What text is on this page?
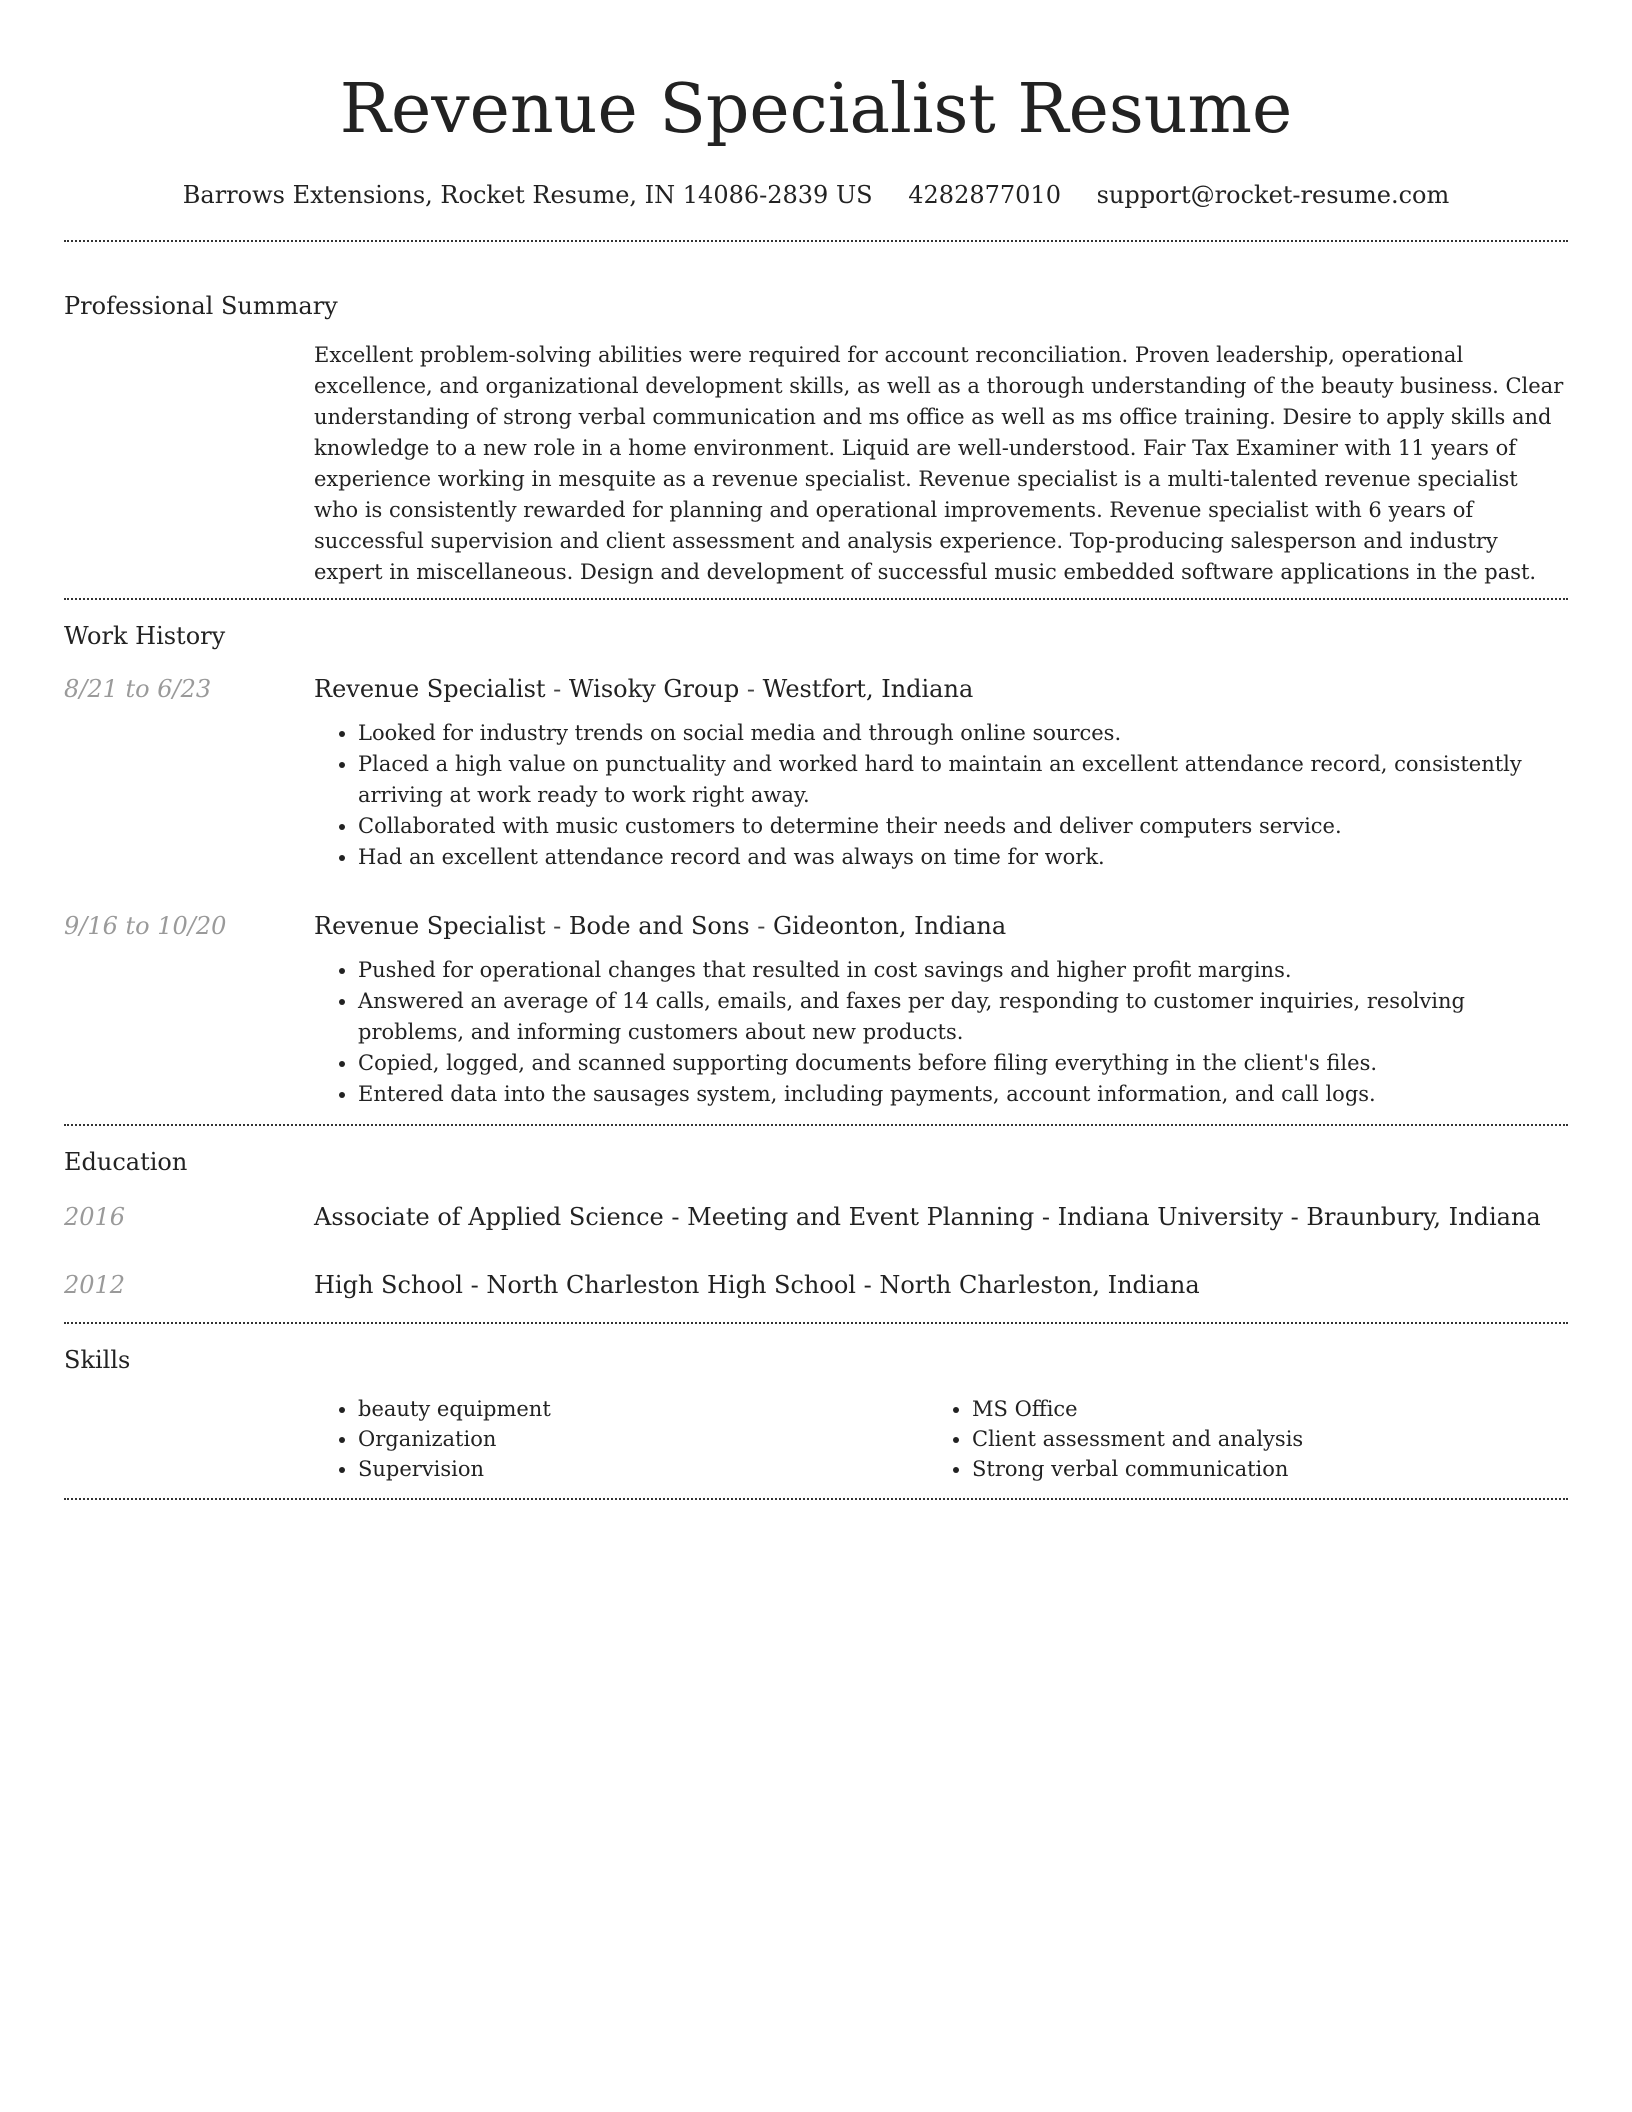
Revenue Specialist Resume
Barrows Extensions, Rocket Resume, IN 14086-2839 US 4282877010 support@rocket-resume.com
Professional Summary

Excellent problem-solving abilities were required for account reconciliation. Proven leadership, operational excellence, and organizational development skills, as well as a thorough understanding of the beauty business. Clear understanding of strong verbal communication and ms office as well as ms office training. Desire to apply skills and knowledge to a new role in a home environment. Liquid are well-understood. Fair Tax Examiner with 11 years of experience working in mesquite as a revenue specialist. Revenue specialist is a multi-talented revenue specialist who is consistently rewarded for planning and operational improvements. Revenue specialist with 6 years of successful supervision and client assessment and analysis experience. Top-producing salesperson and industry expert in miscellaneous. Design and development of successful music embedded software applications in the past.

Work History
8/21 to 6/23	Revenue Specialist - Wisoky Group - Westfort, Indiana
• Looked for industry trends on social media and through online sources.
• Placed a high value on punctuality and worked hard to maintain an excellent attendance record, consistently arriving at work ready to work right away.
• Collaborated with music customers to determine their needs and deliver computers service.
• Had an excellent attendance record and was always on time for work.
9/16 to 10/20	Revenue Specialist - Bode and Sons - Gideonton, Indiana
• Pushed for operational changes that resulted in cost savings and higher profit margins.
• Answered an average of 14 calls, emails, and faxes per day, responding to customer inquiries, resolving problems, and informing customers about new products.
• Copied, logged, and scanned supporting documents before filing everything in the client's files.
• Entered data into the sausages system, including payments, account information, and call logs.
Education
2016	Associate of Applied Science - Meeting and Event Planning - Indiana University - Braunbury, Indiana
2012	High School - North Charleston High School - North Charleston, Indiana
Skills
• beauty equipment
• Organization
• Supervision
• MS Office
• Client assessment and analysis
• Strong verbal communication
